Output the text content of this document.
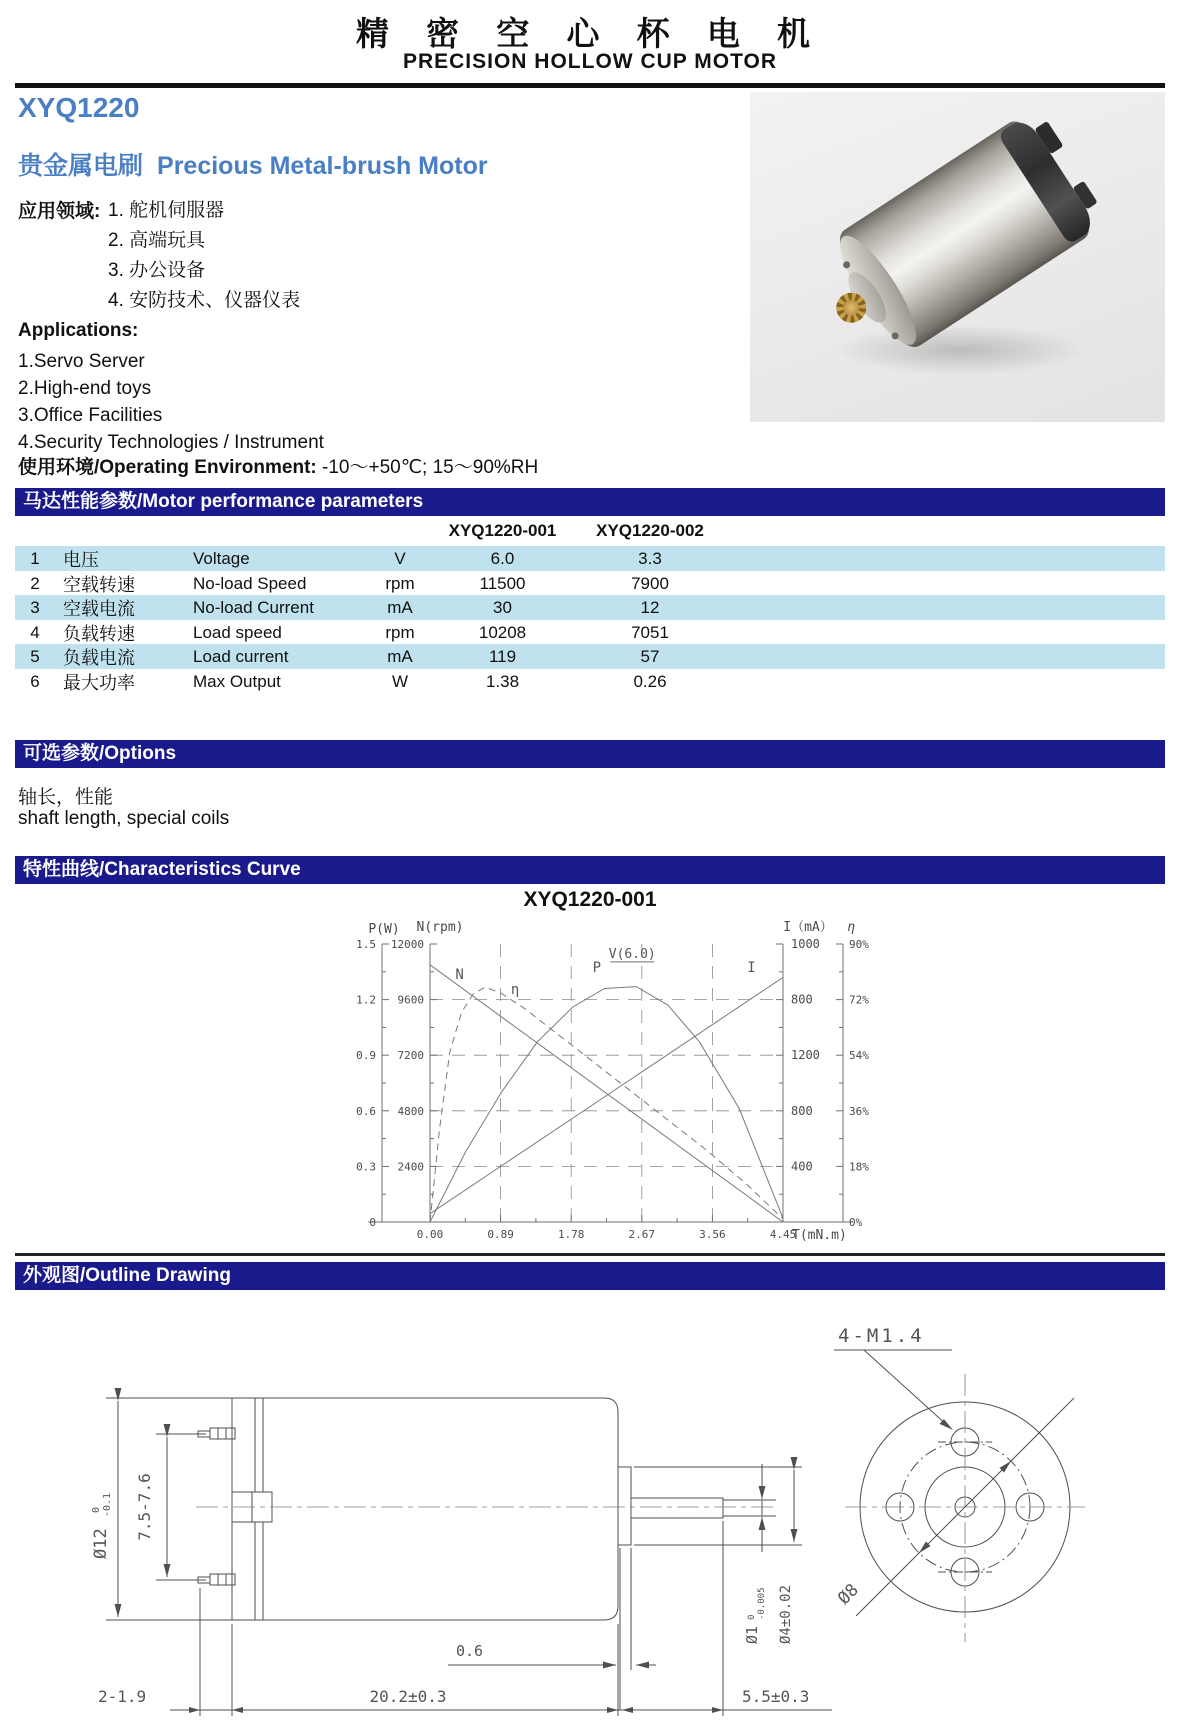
精 密 空 心 杯 电 机
PRECISION HOLLOW CUP MOTOR
XYQ1220
贵金属电刷 Precious Metal-brush Motor
应用领域: 1. 舵机伺服器
2. 高端玩具
3. 办公设备
4. 安防技术、仪器仪表
Applications:
1.Servo Server
2.High-end toys
3.Office Facilities
4.Security Technologies / Instrument
使用环境/Operating Environment: -10～+50℃; 15～90%RH
马达性能参数/Motor performance parameters
XYQ1220-001	XYQ1220-002
1	电压	Voltage	V	6.0	3.3
2	空载转速	No-load Speed	rpm	11500	7900
3	空载电流	No-load Current	mA	30	12
4	负载转速	Load speed	rpm	10208	7051
5	负载电流	Load current	mA	119	57
6	最大功率	Max Output	W	1.38	0.26
可选参数/Options
轴长，性能
shaft length, special coils
特性曲线/Characteristics Curve
XYQ1220-001
1.5
1.2
0.9
0.6
0.3
0
12000
9600
7200
4800
2400
1000
800
1200
800
400
90%
72%
54%
36%
18%
0%
0.00	0.89	1.78	2.67	3.56	4.45
T(mN.m)
P(W) N(rpm)	I（mA） η
N
η
P	I
V(6.0)
外观图/Outline Drawing
Ø12
0 -0.1 7.5-7.6
0.6
Ø1
0 -0.005 Ø4±0.02
2-1.9	20.2±0.3	5.5±0.3
Ø8
4-M1.4
